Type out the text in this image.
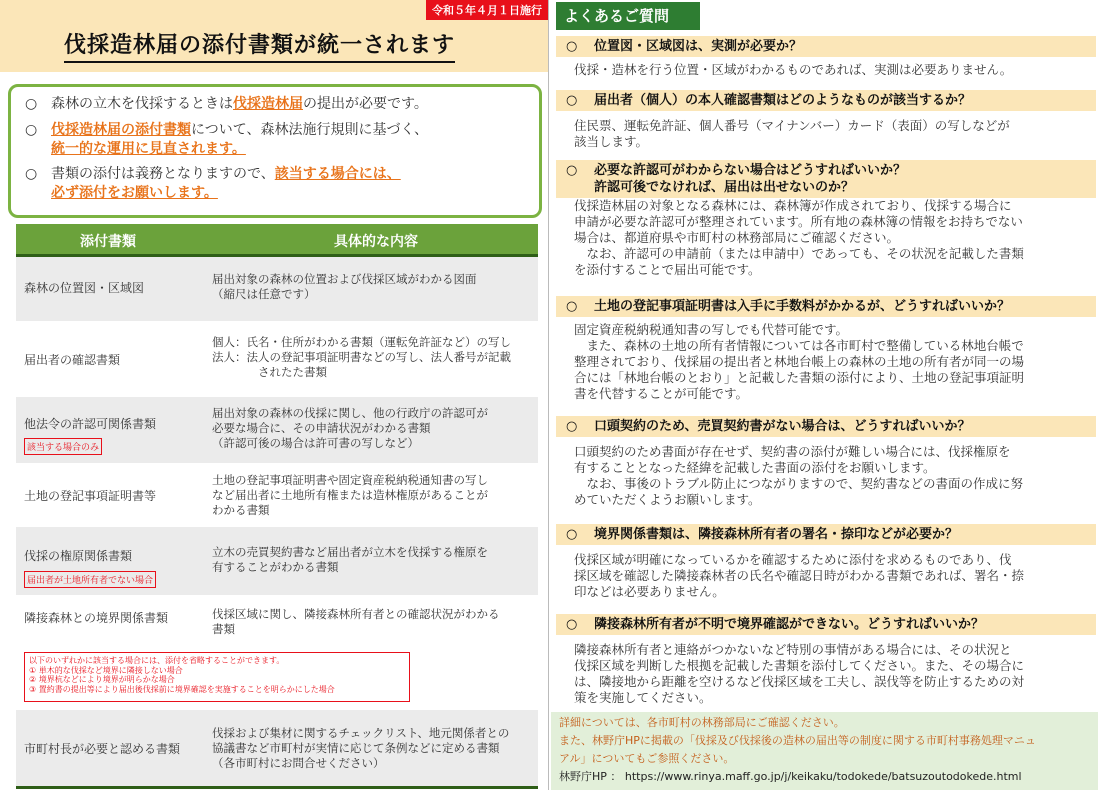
令和５年４月１日施行
伐採造林届の添付書類が統一されます
○ 森林の立木を伐採するときは伐採造林届の提出が必要です。
○ 伐採造林届の添付書類について、森林法施行規則に基づく、
統一的な運用に見直されます。
○ 書類の添付は義務となりますので、該当する場合には、
必ず添付をお願いします。
添付書類	具体的な内容
森林の位置図・区域図
届出対象の森林の位置および伐採区域がわかる図面
（縮尺は任意です）
届出者の確認書類
個人：氏名・住所がわかる書類（運転免許証など）の写し
法人：法人の登記事項証明書などの写し、法人番号が記載
　　　　されたた書類
他法令の許認可関係書類
該当する場合のみ
届出対象の森林の伐採に関し、他の行政庁の許認可が
必要な場合に、その申請状況がわかる書類
（許認可後の場合は許可書の写しなど）
土地の登記事項証明書等
土地の登記事項証明書や固定資産税納税通知書の写し
など届出者に土地所有権または造林権原があることが
わかる書類
伐採の権原関係書類
届出者が土地所有者でない場合
立木の売買契約書など届出者が立木を伐採する権原を
有することがわかる書類
隣接森林との境界関係書類	伐採区域に関し、隣接森林所有者との確認状況がわかる
書類
以下のいずれかに該当する場合には、添付を省略することができます。
① 単木的な伐採など境界に隣接しない場合
② 境界杭などにより境界が明らかな場合
③ 置約書の提出等により届出後伐採前に境界確認を実施することを明らかにした場合
市町村長が必要と認める書類
伐採および集材に関するチェックリスト、地元関係者との
協議書など市町村が実情に応じて条例などに定める書類
（各市町村にお問合せください）
よくあるご質問
○ 位置図・区域図は、実測が必要か？
伐採・造林を行う位置・区域がわかるものであれば、実測は必要ありません。
○ 届出者（個人）の本人確認書類はどのようなものが該当するか？
住民票、運転免許証、個人番号（マイナンバー）カード（表面）の写しなどが
該当します。
○ 必要な許認可がわからない場合はどうすればいいか？
許認可後でなければ、届出は出せないのか？
伐採造林届の対象となる森林には、森林簿が作成されており、伐採する場合に
申請が必要な許認可が整理されています。所有地の森林簿の情報をお持ちでない
場合は、都道府県や市町村の林務部局にご確認ください。
　なお、許認可の申請前（または申請中）であっても、その状況を記載した書類
を添付することで届出可能です。
○ 土地の登記事項証明書は入手に手数料がかかるが、どうすればいいか？
固定資産税納税通知書の写しでも代替可能です。
　また、森林の土地の所有者情報については各市町村で整備している林地台帳で
整理されており、伐採届の提出者と林地台帳上の森林の土地の所有者が同一の場
合には「林地台帳のとおり」と記載した書類の添付により、土地の登記事項証明
書を代替することが可能です。
○ 口頭契約のため、売買契約書がない場合は、どうすればいいか？
口頭契約のため書面が存在せず、契約書の添付が難しい場合には、伐採権原を
有することとなった経緯を記載した書面の添付をお願いします。
　なお、事後のトラブル防止につながりますので、契約書などの書面の作成に努
めていただくようお願いします。
○ 境界関係書類は、隣接森林所有者の署名・捺印などが必要か？
伐採区域が明確になっているかを確認するために添付を求めるものであり、伐
採区域を確認した隣接森林者の氏名や確認日時がわかる書類であれば、署名・捺
印などは必要ありません。
○ 隣接森林所有者が不明で境界確認ができない。どうすればいいか？
隣接森林所有者と連絡がつかないなど特別の事情がある場合には、その状況と
伐採区域を判断した根拠を記載した書類を添付してください。また、その場合に
は、隣接地から距離を空けるなど伐採区域を工夫し、誤伐等を防止するための対
策を実施してください。
詳細については、各市町村の林務部局にご確認ください。
また、林野庁HPに掲載の「伐採及び伐採後の造林の届出等の制度に関する市町村事務処理マニュ
アル」についてもご参照ください。
林野庁HP ： https://www.rinya.maff.go.jp/j/keikaku/todokede/batsuzoutodokede.html
